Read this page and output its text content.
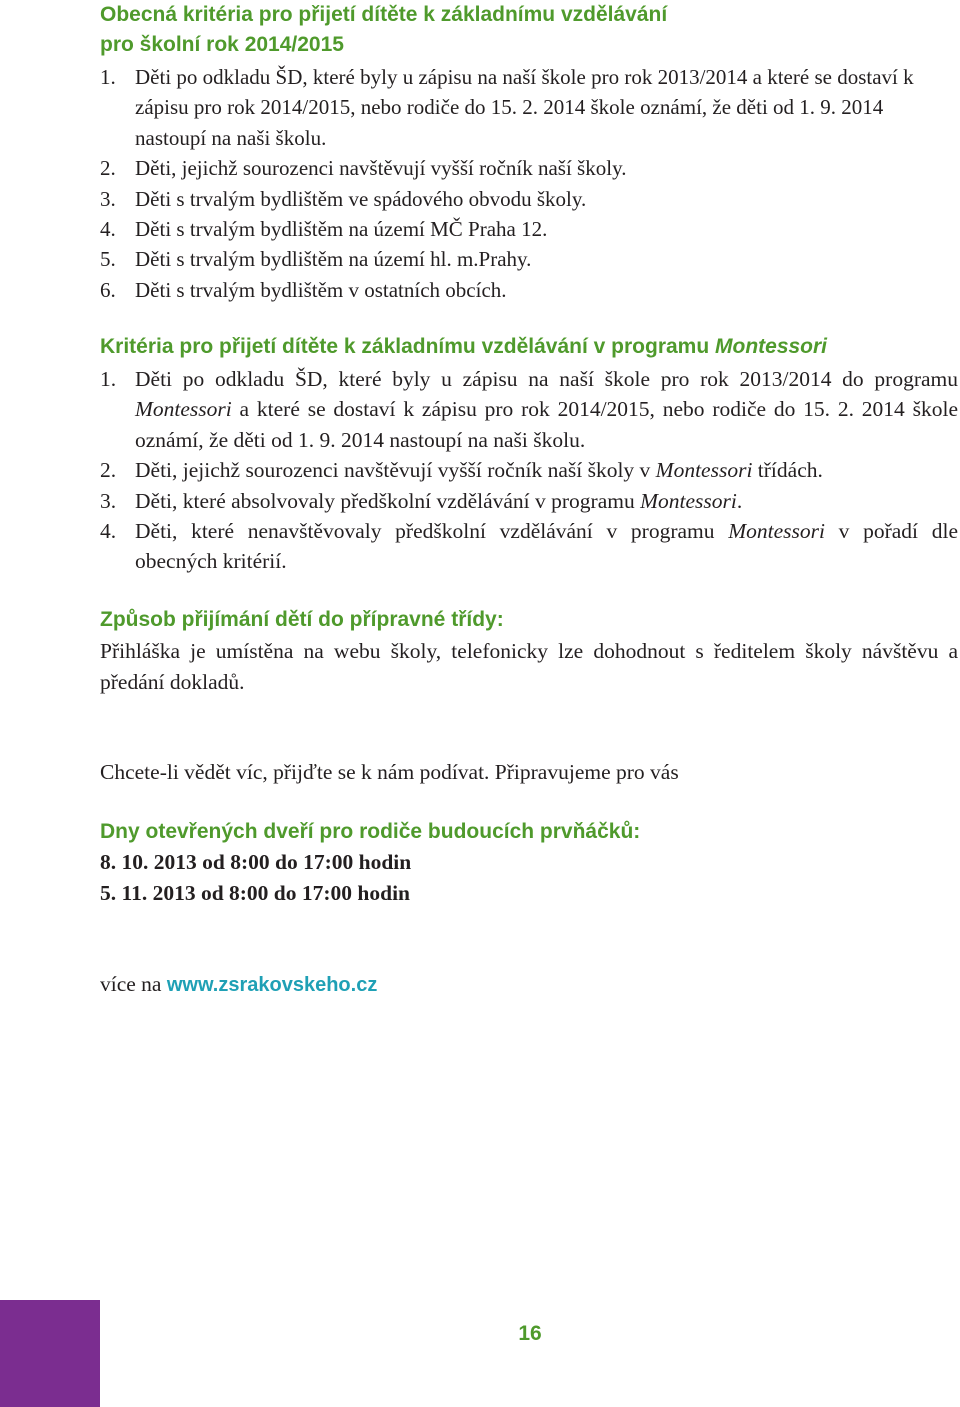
Obecná kritéria pro přijetí dítěte k základnímu vzdělávání
pro školní rok 2014/2015
1. Děti po odkladu ŠD, které byly u zápisu na naší škole pro rok 2013/2014 a které se dostaví k zápisu pro rok 2014/2015, nebo rodiče do 15. 2. 2014 škole oznámí, že děti od 1. 9. 2014 nastoupí na naši školu.
2. Děti, jejichž sourozenci navštěvují vyšší ročník naší školy.
3. Děti s trvalým bydlištěm ve spádového obvodu školy.
4. Děti s trvalým bydlištěm na území MČ Praha 12.
5. Děti s trvalým bydlištěm na území hl. m.Prahy.
6. Děti s trvalým bydlištěm v ostatních obcích.
Kritéria pro přijetí dítěte k základnímu vzdělávání v programu Montessori
1. Děti po odkladu ŠD, které byly u zápisu na naší škole pro rok 2013/2014 do programu Montessori a které se dostaví k zápisu pro rok 2014/2015, nebo rodiče do 15. 2. 2014 škole oznámí, že děti od 1. 9. 2014 nastoupí na naši školu.
2. Děti, jejichž sourozenci navštěvují vyšší ročník naší školy v Montessori třídách.
3. Děti, které absolvovaly předškolní vzdělávání v programu Montessori.
4. Děti, které nenavštěvovaly předškolní vzdělávání v programu Montessori v pořadí dle obecných kritérií.
Způsob přijímání dětí do přípravné třídy:

Přihláška je umístěna na webu školy, telefonicky lze dohodnout s ředitelem školy návštěvu a předání dokladů.

Chcete-li vědět víc, přijďte se k nám podívat. Připravujeme pro vás

Dny otevřených dveří pro rodiče budoucích prvňáčků:

8. 10. 2013 od 8:00 do 17:00 hodin

5. 11. 2013 od 8:00 do 17:00 hodin

více na www.zsrakovskeho.cz

16
